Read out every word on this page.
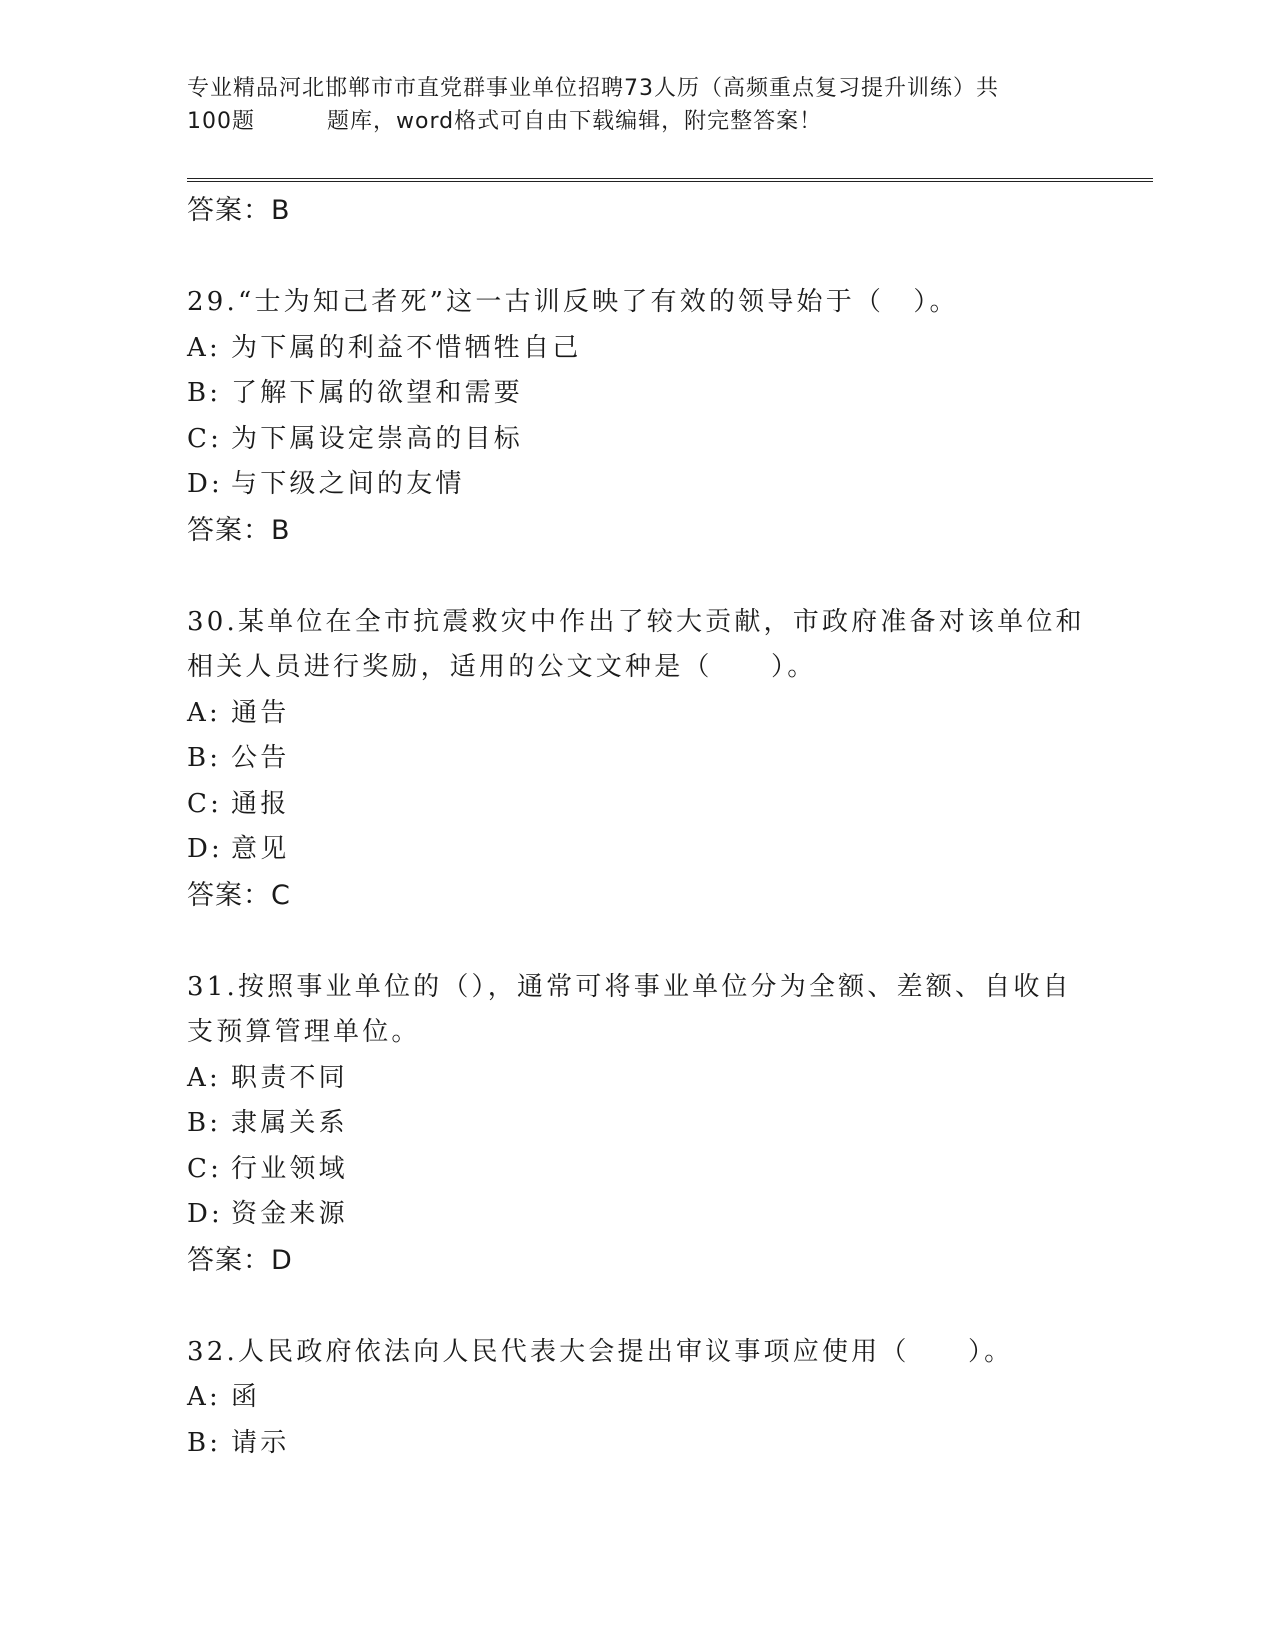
专业精品河北邯郸市市直党群事业单位招聘73人历（高频重点复习提升训练）共
100题	题库，word格式可自由下载编辑，附完整答案！
答案：B
29.“士为知己者死”这一古训反映了有效的领导始于（　）。
A: 为下属的利益不惜牺牲自己
B: 了解下属的欲望和需要
C: 为下属设定崇高的目标
D: 与下级之间的友情
答案：B
30.某单位在全市抗震救灾中作出了较大贡献，市政府准备对该单位和相关人员进行奖励，适用的公文文种是（　　）。
A: 通告
B: 公告
C: 通报
D: 意见
答案：C
31.按照事业单位的（），通常可将事业单位分为全额、差额、自收自支预算管理单位。
A: 职责不同
B: 隶属关系
C: 行业领域
D: 资金来源
答案：D
32.人民政府依法向人民代表大会提出审议事项应使用（　　）。
A: 函
B: 请示
